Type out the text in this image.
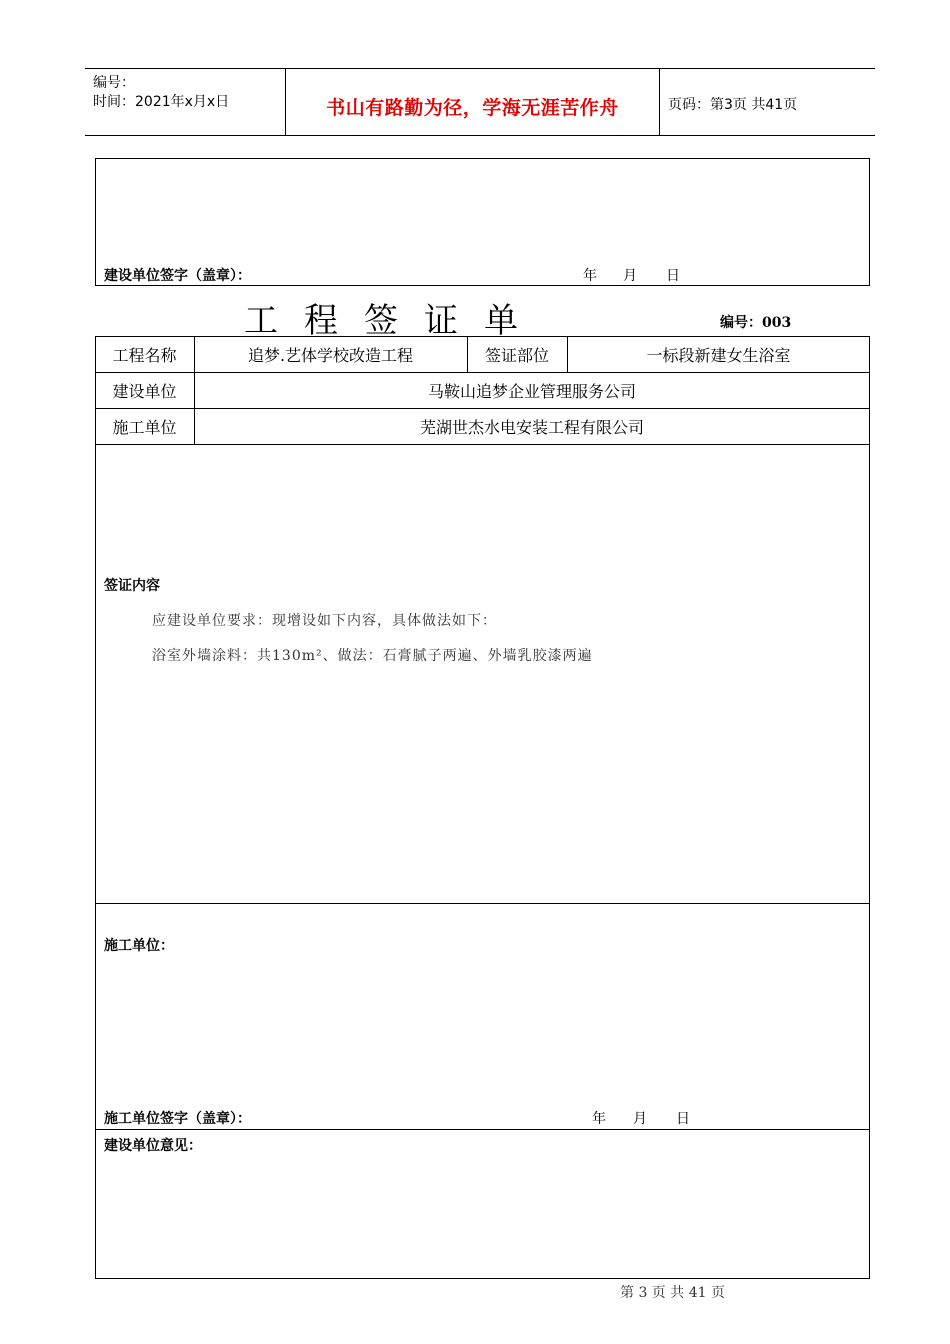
编号：
时间：2021年x月x日	书山有路勤为径，学海无涯苦作舟	页码：第3页 共41页
建设单位签字（盖章）：	年 月 日
工程签证单	编号：003
工程名称	追梦.艺体学校改造工程	签证部位	一标段新建女生浴室
建设单位	马鞍山追梦企业管理服务公司
施工单位	芜湖世杰水电安装工程有限公司
签证内容
应建设单位要求：现增设如下内容，具体做法如下：
浴室外墙涂料：共130m²、做法：石膏腻子两遍、外墙乳胶漆两遍
施工单位：
施工单位签字（盖章）：	年 月 日
建设单位意见：
第 3 页 共 41 页
